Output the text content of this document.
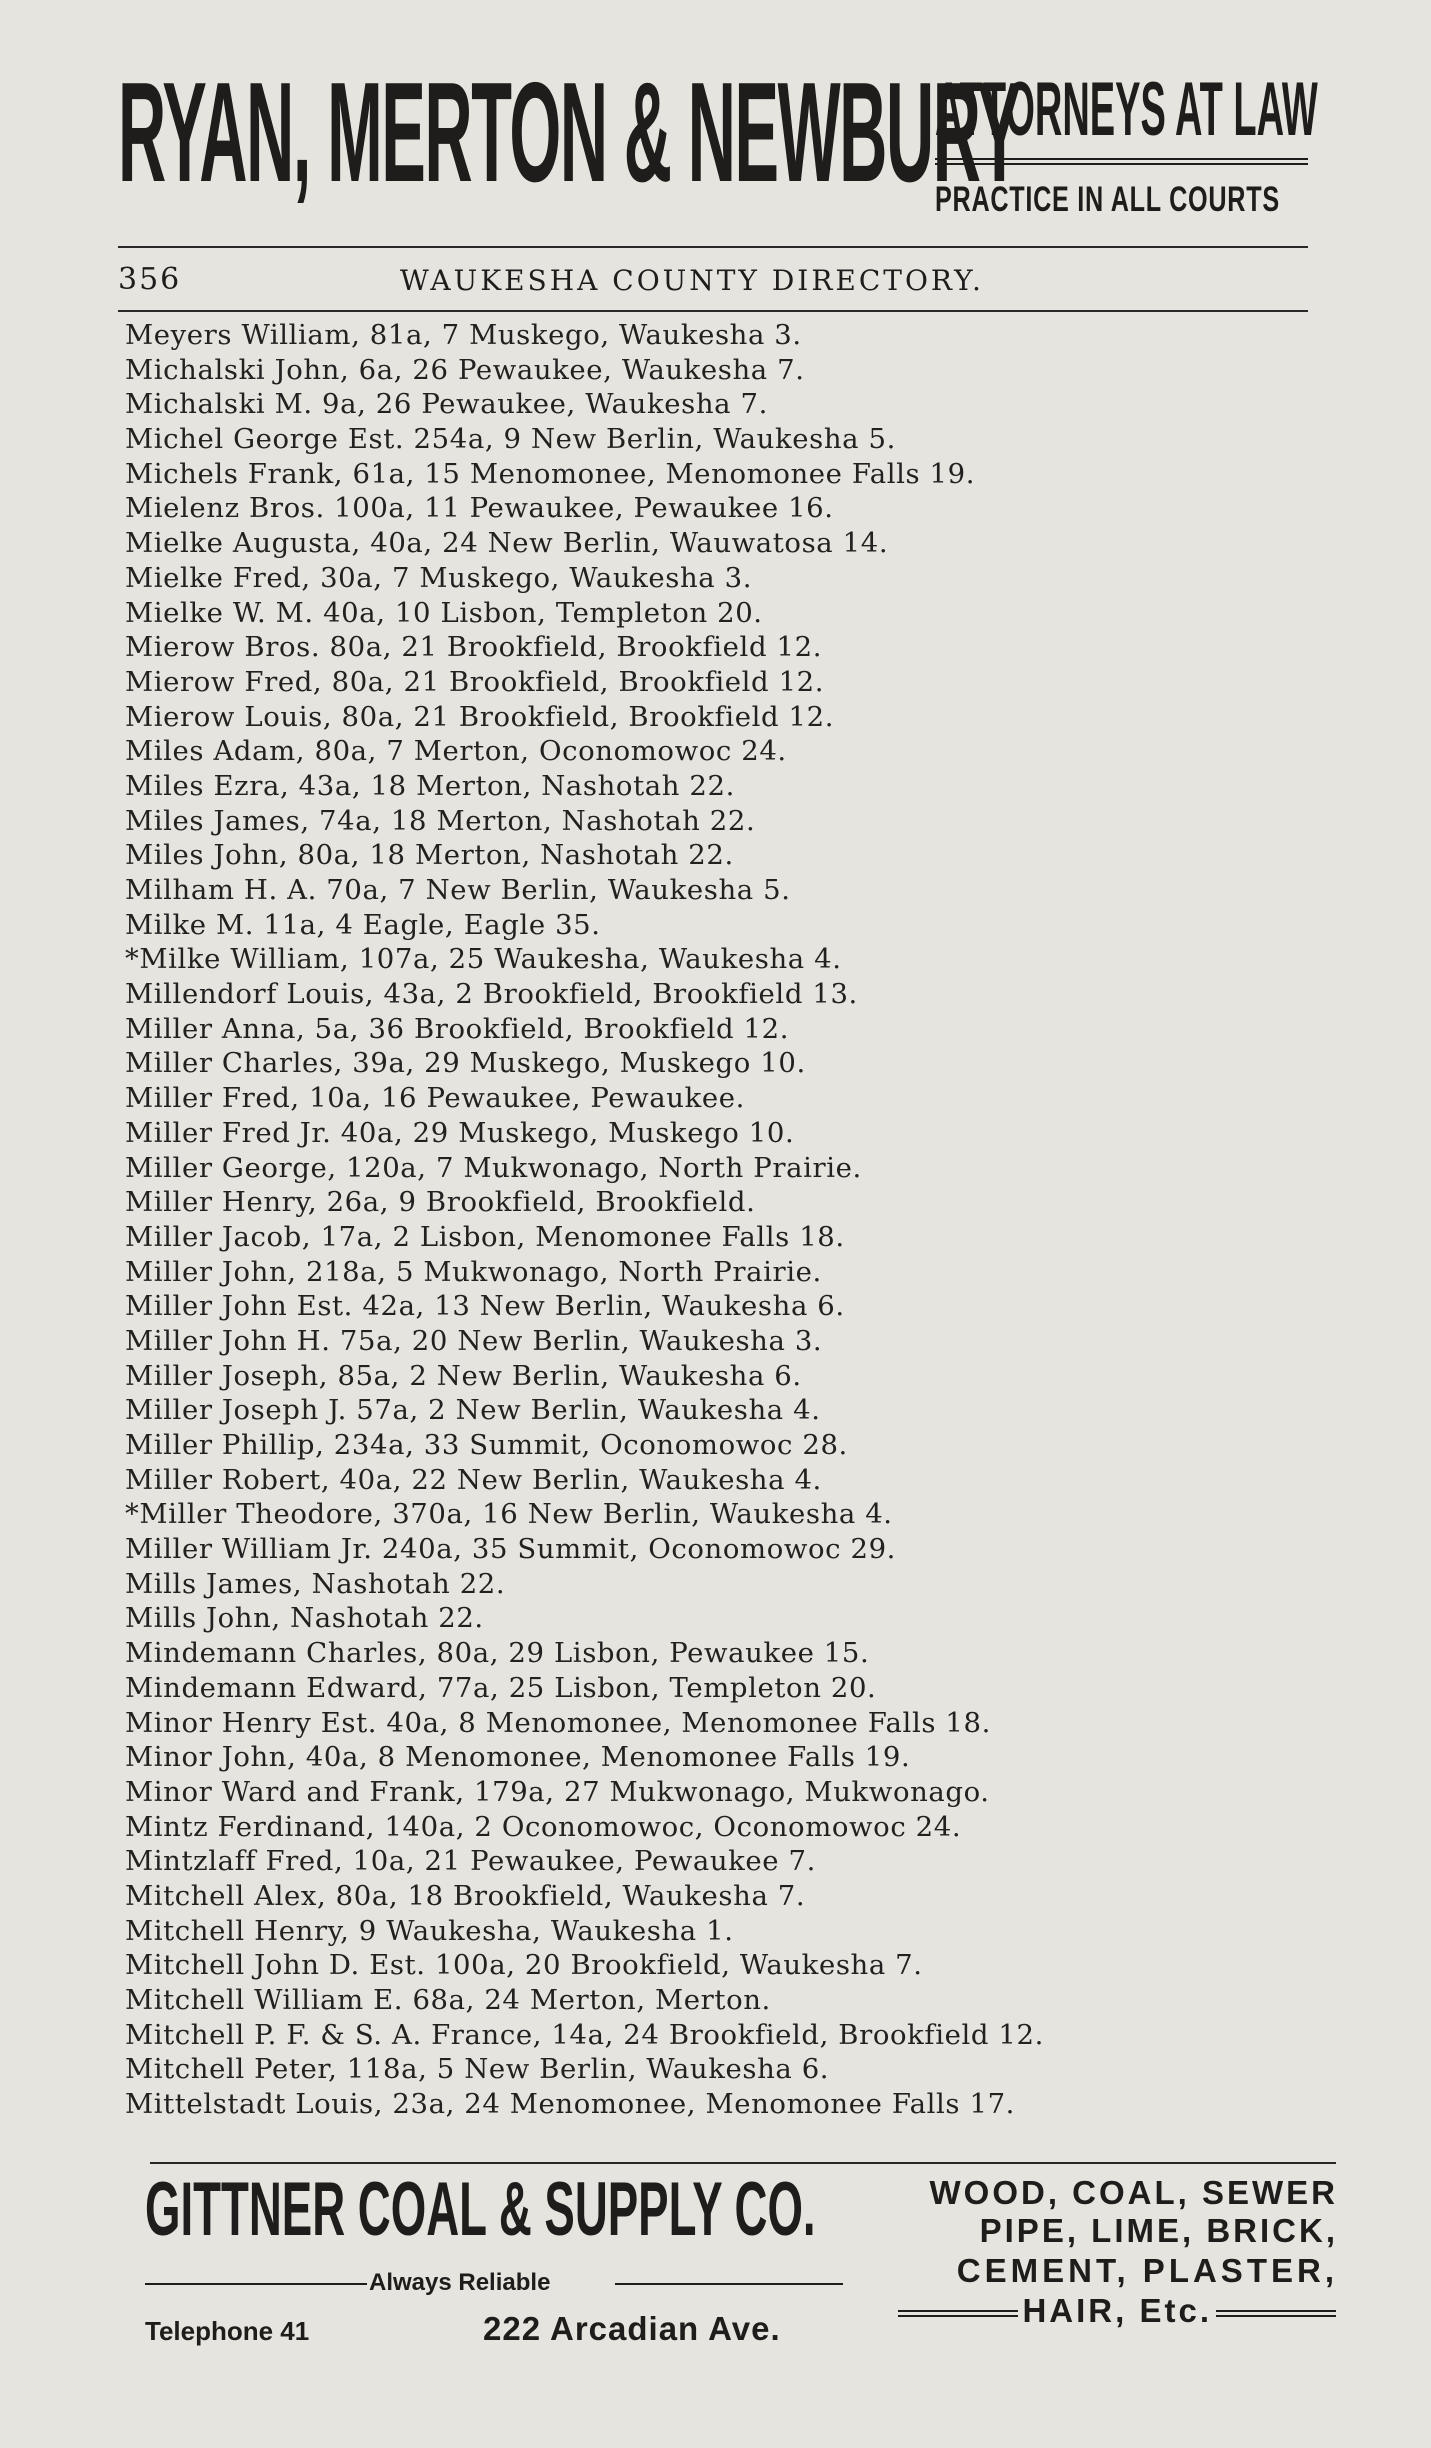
RYAN, MERTON & NEWBURY
ATTORNEYS AT LAW
PRACTICE IN ALL COURTS
356	WAUKESHA COUNTY DIRECTORY.
Meyers William, 81a, 7 Muskego, Waukesha 3.
Michalski John, 6a, 26 Pewaukee, Waukesha 7.
Michalski M. 9a, 26 Pewaukee, Waukesha 7.
Michel George Est. 254a, 9 New Berlin, Waukesha 5.
Michels Frank, 61a, 15 Menomonee, Menomonee Falls 19.
Mielenz Bros. 100a, 11 Pewaukee, Pewaukee 16.
Mielke Augusta, 40a, 24 New Berlin, Wauwatosa 14.
Mielke Fred, 30a, 7 Muskego, Waukesha 3.
Mielke W. M. 40a, 10 Lisbon, Templeton 20.
Mierow Bros. 80a, 21 Brookfield, Brookfield 12.
Mierow Fred, 80a, 21 Brookfield, Brookfield 12.
Mierow Louis, 80a, 21 Brookfield, Brookfield 12.
Miles Adam, 80a, 7 Merton, Oconomowoc 24.
Miles Ezra, 43a, 18 Merton, Nashotah 22.
Miles James, 74a, 18 Merton, Nashotah 22.
Miles John, 80a, 18 Merton, Nashotah 22.
Milham H. A. 70a, 7 New Berlin, Waukesha 5.
Milke M. 11a, 4 Eagle, Eagle 35.
*Milke William, 107a, 25 Waukesha, Waukesha 4.
Millendorf Louis, 43a, 2 Brookfield, Brookfield 13.
Miller Anna, 5a, 36 Brookfield, Brookfield 12.
Miller Charles, 39a, 29 Muskego, Muskego 10.
Miller Fred, 10a, 16 Pewaukee, Pewaukee.
Miller Fred Jr. 40a, 29 Muskego, Muskego 10.
Miller George, 120a, 7 Mukwonago, North Prairie.
Miller Henry, 26a, 9 Brookfield, Brookfield.
Miller Jacob, 17a, 2 Lisbon, Menomonee Falls 18.
Miller John, 218a, 5 Mukwonago, North Prairie.
Miller John Est. 42a, 13 New Berlin, Waukesha 6.
Miller John H. 75a, 20 New Berlin, Waukesha 3.
Miller Joseph, 85a, 2 New Berlin, Waukesha 6.
Miller Joseph J. 57a, 2 New Berlin, Waukesha 4.
Miller Phillip, 234a, 33 Summit, Oconomowoc 28.
Miller Robert, 40a, 22 New Berlin, Waukesha 4.
*Miller Theodore, 370a, 16 New Berlin, Waukesha 4.
Miller William Jr. 240a, 35 Summit, Oconomowoc 29.
Mills James, Nashotah 22.
Mills John, Nashotah 22.
Mindemann Charles, 80a, 29 Lisbon, Pewaukee 15.
Mindemann Edward, 77a, 25 Lisbon, Templeton 20.
Minor Henry Est. 40a, 8 Menomonee, Menomonee Falls 18.
Minor John, 40a, 8 Menomonee, Menomonee Falls 19.
Minor Ward and Frank, 179a, 27 Mukwonago, Mukwonago.
Mintz Ferdinand, 140a, 2 Oconomowoc, Oconomowoc 24.
Mintzlaff Fred, 10a, 21 Pewaukee, Pewaukee 7.
Mitchell Alex, 80a, 18 Brookfield, Waukesha 7.
Mitchell Henry, 9 Waukesha, Waukesha 1.
Mitchell John D. Est. 100a, 20 Brookfield, Waukesha 7.
Mitchell William E. 68a, 24 Merton, Merton.
Mitchell P. F. & S. A. France, 14a, 24 Brookfield, Brookfield 12.
Mitchell Peter, 118a, 5 New Berlin, Waukesha 6.
Mittelstadt Louis, 23a, 24 Menomonee, Menomonee Falls 17.
GITTNER COAL & SUPPLY CO.
Always Reliable
Telephone 41	222 Arcadian Ave.
WOOD, COAL, SEWER
PIPE, LIME, BRICK,
CEMENT, PLASTER,
HAIR, Etc.
